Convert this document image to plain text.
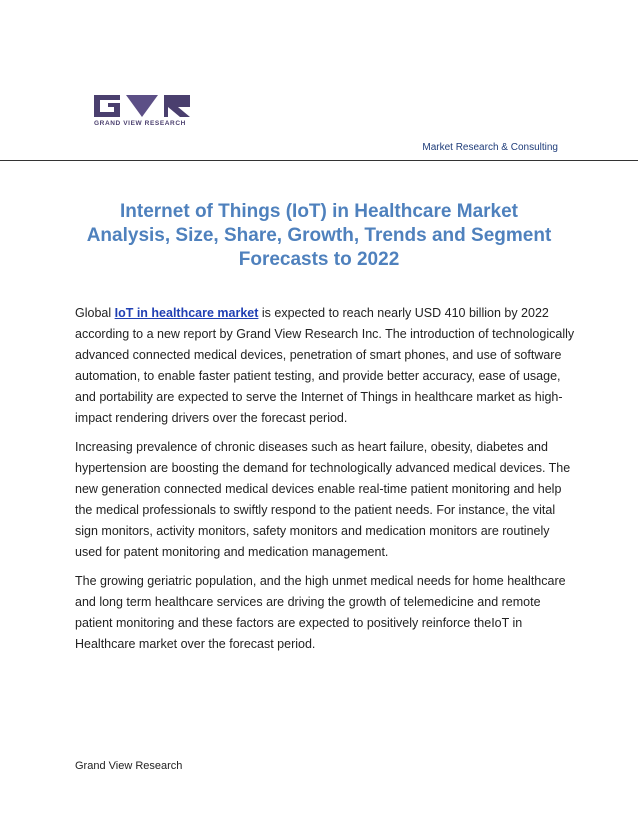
GRAND VIEW RESEARCH
Market Research & Consulting
Internet of Things (IoT) in Healthcare Market Analysis, Size, Share, Growth, Trends and Segment Forecasts to 2022

Global IoT in healthcare market is expected to reach nearly USD 410 billion by 2022 according to a new report by Grand View Research Inc. The introduction of technologically advanced connected medical devices, penetration of smart phones, and use of software automation, to enable faster patient testing, and provide better accuracy, ease of usage, and portability are expected to serve the Internet of Things in healthcare market as high-impact rendering drivers over the forecast period.

Increasing prevalence of chronic diseases such as heart failure, obesity, diabetes and hypertension are boosting the demand for technologically advanced medical devices. The new generation connected medical devices enable real-time patient monitoring and help the medical professionals to swiftly respond to the patient needs. For instance, the vital sign monitors, activity monitors, safety monitors and medication monitors are routinely used for patent monitoring and medication management.

The growing geriatric population, and the high unmet medical needs for home healthcare and long term healthcare services are driving the growth of telemedicine and remote patient monitoring and these factors are expected to positively reinforce theIoT in Healthcare market over the forecast period.

Grand View Research
